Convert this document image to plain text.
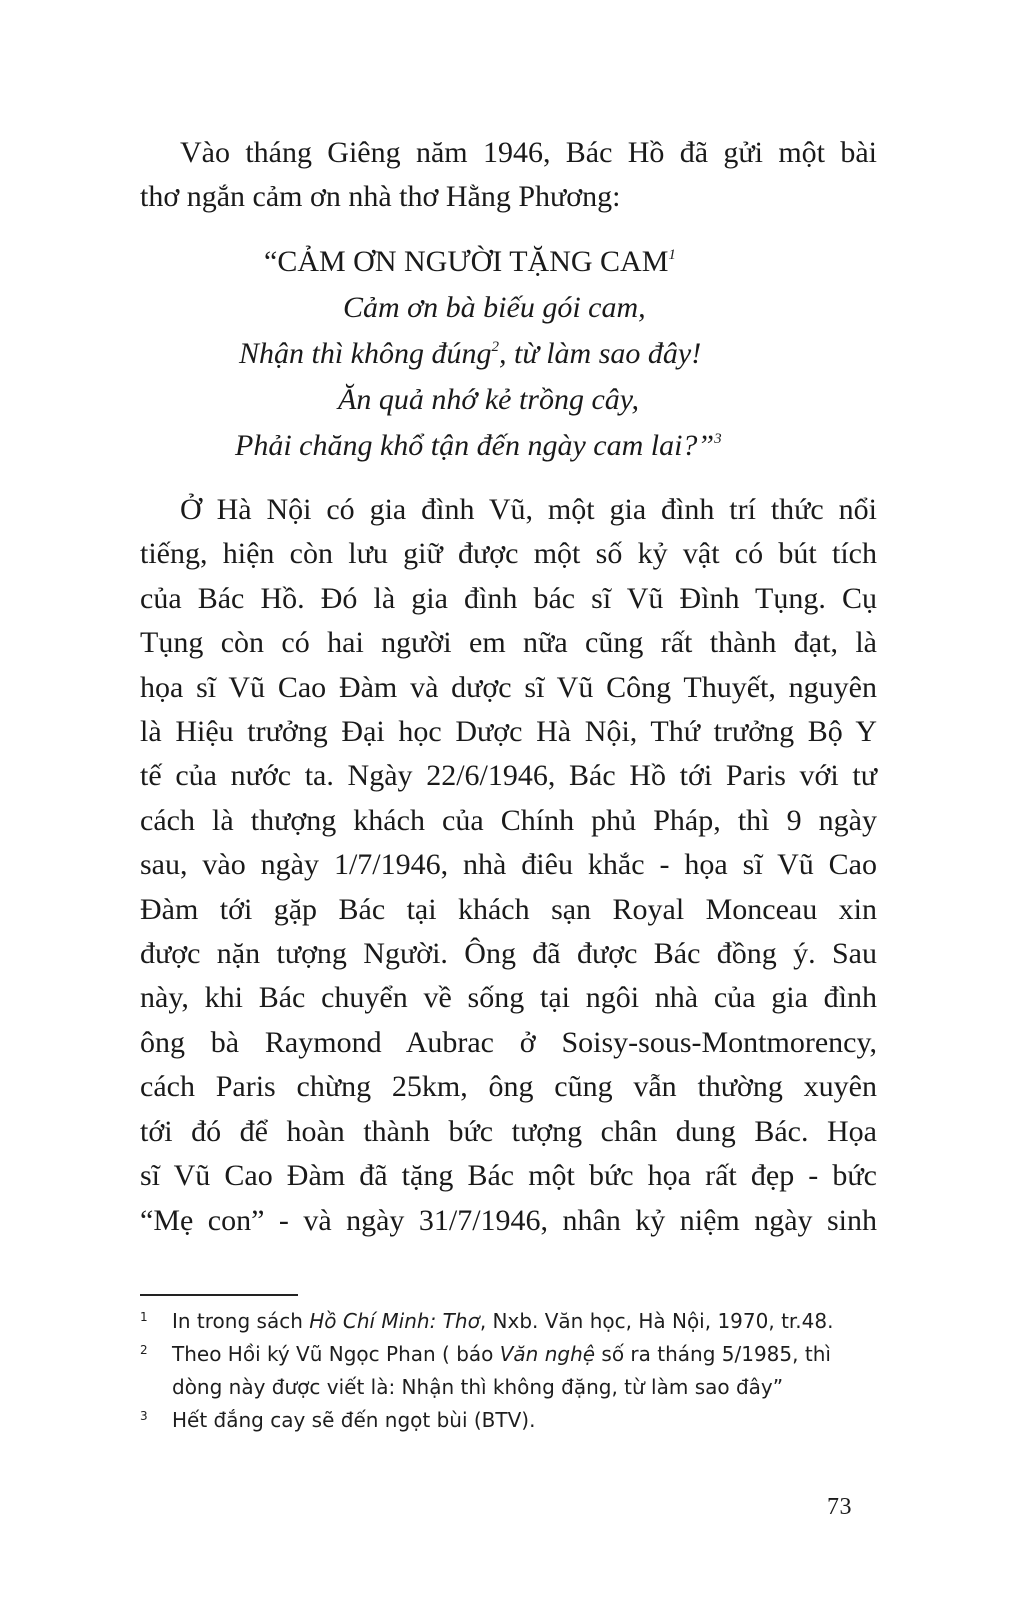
Vào tháng Giêng năm 1946, Bác Hồ đã gửi một bài
thơ ngắn cảm ơn nhà thơ Hằng Phương:

“CẢM ƠN NGƯỜI TẶNG CAM$^1$
Cảm ơn bà biếu gói cam,
Nhận thì không đúng$^2$, từ làm sao đây!
Ăn quả nhớ kẻ trồng cây,
Phải chăng khổ tận đến ngày cam lai?”$^3$

Ở Hà Nội có gia đình Vũ, một gia đình trí thức nổi
tiếng, hiện còn lưu giữ được một số kỷ vật có bút tích
của Bác Hồ. Đó là gia đình bác sĩ Vũ Đình Tụng. Cụ
Tụng còn có hai người em nữa cũng rất thành đạt, là
họa sĩ Vũ Cao Đàm và dược sĩ Vũ Công Thuyết, nguyên
là Hiệu trưởng Đại học Dược Hà Nội, Thứ trưởng Bộ Y
tế của nước ta. Ngày 22/6/1946, Bác Hồ tới Paris với tư
cách là thượng khách của Chính phủ Pháp, thì 9 ngày
sau, vào ngày 1/7/1946, nhà điêu khắc - họa sĩ Vũ Cao
Đàm tới gặp Bác tại khách sạn Royal Monceau xin
được nặn tượng Người. Ông đã được Bác đồng ý. Sau
này, khi Bác chuyển về sống tại ngôi nhà của gia đình
ông bà Raymond Aubrac ở Soisy-sous-Montmorency,
cách Paris chừng 25km, ông cũng vẫn thường xuyên
tới đó để hoàn thành bức tượng chân dung Bác. Họa
sĩ Vũ Cao Đàm đã tặng Bác một bức họa rất đẹp - bức
“Mẹ con” - và ngày 31/7/1946, nhân kỷ niệm ngày sinh

1 In trong sách Hồ Chí Minh: Thơ, Nxb. Văn học, Hà Nội, 1970, tr.48.
2 Theo Hồi ký Vũ Ngọc Phan ( báo Văn nghệ số ra tháng 5/1985, thì
dòng này được viết là: Nhận thì không đặng, từ làm sao đây”
3 Hết đắng cay sẽ đến ngọt bùi (BTV).
73
